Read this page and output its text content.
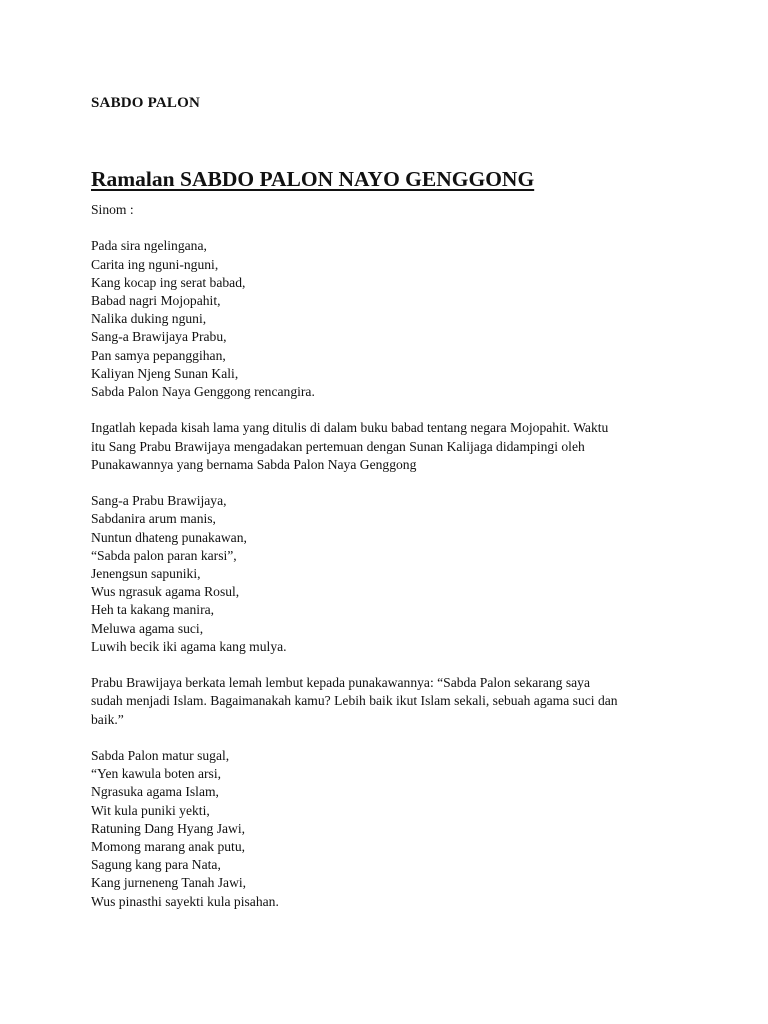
SABDO PALON
Ramalan SABDO PALON NAYO GENGGONG
Sinom :
Pada sira ngelingana,
Carita ing nguni-nguni,
Kang kocap ing serat babad,
Babad nagri Mojopahit,
Nalika duking nguni,
Sang-a Brawijaya Prabu,
Pan samya pepanggihan,
Kaliyan Njeng Sunan Kali,
Sabda Palon Naya Genggong rencangira.
Ingatlah kepada kisah lama yang ditulis di dalam buku babad tentang negara Mojopahit. Waktu
itu Sang Prabu Brawijaya mengadakan pertemuan dengan Sunan Kalijaga didampingi oleh
Punakawannya yang bernama Sabda Palon Naya Genggong
Sang-a Prabu Brawijaya,
Sabdanira arum manis,
Nuntun dhateng punakawan,
“Sabda palon paran karsi”,
Jenengsun sapuniki,
Wus ngrasuk agama Rosul,
Heh ta kakang manira,
Meluwa agama suci,
Luwih becik iki agama kang mulya.
Prabu Brawijaya berkata lemah lembut kepada punakawannya: “Sabda Palon sekarang saya
sudah menjadi Islam. Bagaimanakah kamu? Lebih baik ikut Islam sekali, sebuah agama suci dan
baik.”
Sabda Palon matur sugal,
“Yen kawula boten arsi,
Ngrasuka agama Islam,
Wit kula puniki yekti,
Ratuning Dang Hyang Jawi,
Momong marang anak putu,
Sagung kang para Nata,
Kang jurneneng Tanah Jawi,
Wus pinasthi sayekti kula pisahan.
